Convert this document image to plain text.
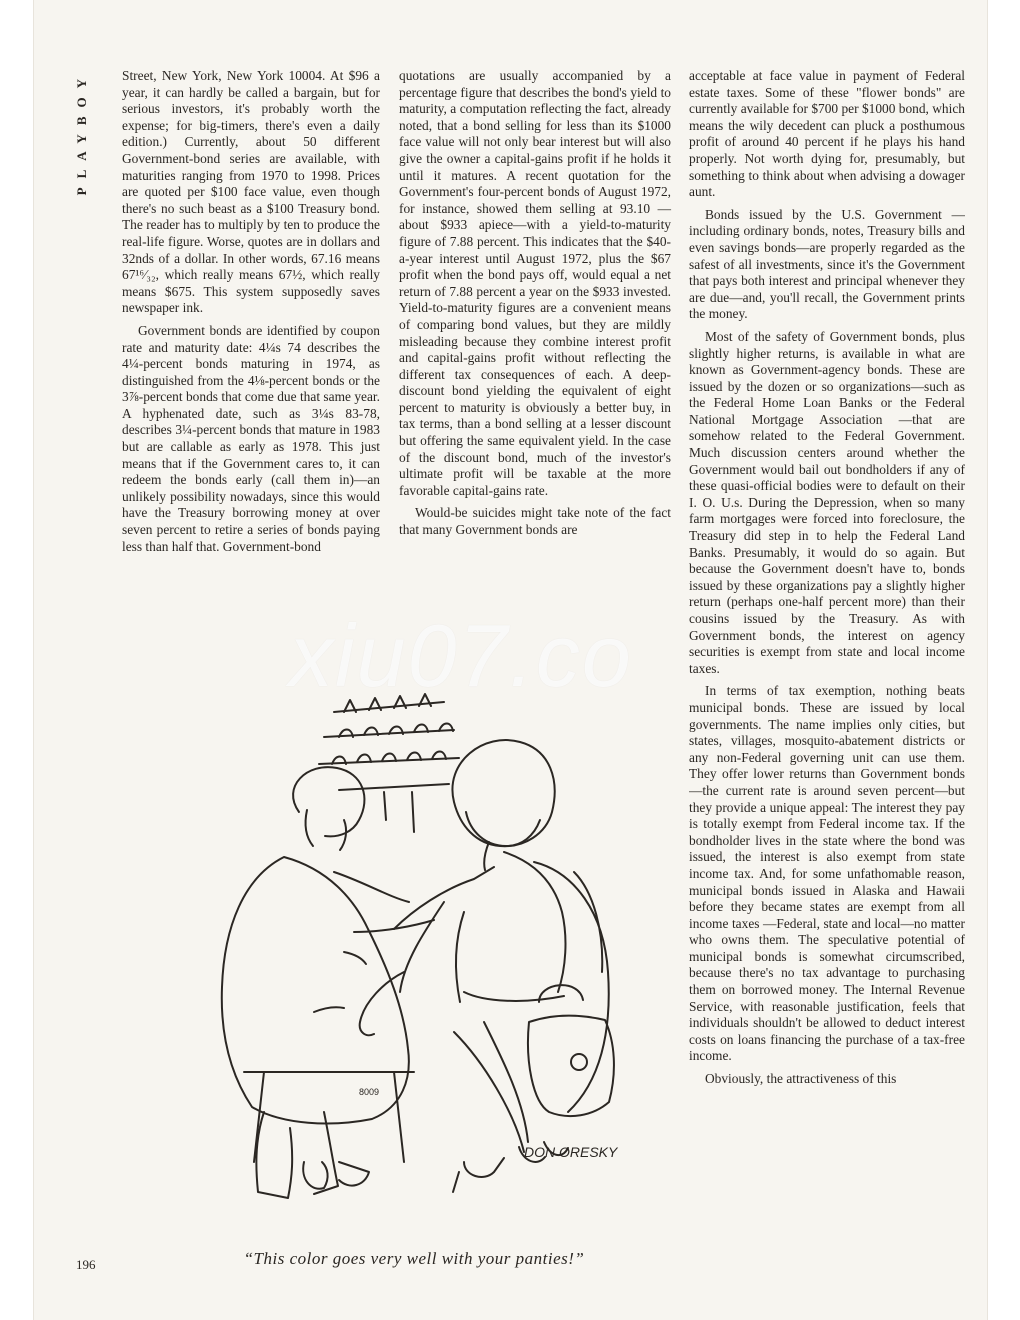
PLAYBOY Street, New York, New York 10004. At $96 a year, it can hardly be called a bargain, but for serious investors, it's probably worth the expense; for big-timers, there's even a daily edition.) Currently, about 50 different Government-bond series are available, with maturities ranging from 1970 to 1998. Prices are quoted per $100 face value, even though there's no such beast as a $100 Treasury bond. The reader has to multiply by ten to produce the real-life figure. Worse, quotes are in dollars and 32nds of a dollar. In other words, 67.16 means 67¹⁶⁄₃₂, which really means 67½, which really means $675. This system supposedly saves newspaper ink.

Government bonds are identified by coupon rate and maturity date: 4¼s 74 describes the 4¼-percent bonds maturing in 1974, as distinguished from the 4⅛-percent bonds or the 3⅞-percent bonds that come due that same year. A hyphenated date, such as 3¼s 83-78, describes 3¼-percent bonds that mature in 1983 but are callable as early as 1978. This just means that if the Government cares to, it can redeem the bonds early (call them in)—an unlikely possibility nowadays, since this would have the Treasury borrowing money at over seven percent to retire a series of bonds paying less than half that. Government-bond

quotations are usually accompanied by a percentage figure that describes the bond's yield to maturity, a computation reflecting the fact, already noted, that a bond selling for less than its $1000 face value will not only bear interest but will also give the owner a capital-gains profit if he holds it until it matures. A recent quotation for the Government's four-percent bonds of August 1972, for instance, showed them selling at 93.10 —about $933 apiece—with a yield-to-maturity figure of 7.88 percent. This indicates that the $40-a-year interest until August 1972, plus the $67 profit when the bond pays off, would equal a net return of 7.88 percent a year on the $933 invested. Yield-to-maturity figures are a convenient means of comparing bond values, but they are mildly misleading because they combine interest profit and capital-gains profit without reflecting the different tax consequences of each. A deep-discount bond yielding the equivalent of eight percent to maturity is obviously a better buy, in tax terms, than a bond selling at a lesser discount but offering the same equivalent yield. In the case of the discount bond, much of the investor's ultimate profit will be taxable at the more favorable capital-gains rate.

Would-be suicides might take note of the fact that many Government bonds are

acceptable at face value in payment of Federal estate taxes. Some of these "flower bonds" are currently available for $700 per $1000 bond, which means the wily decedent can pluck a posthumous profit of around 40 percent if he plays his hand properly. Not worth dying for, presumably, but something to think about when advising a dowager aunt.

Bonds issued by the U.S. Government —including ordinary bonds, notes, Treasury bills and even savings bonds—are properly regarded as the safest of all investments, since it's the Government that pays both interest and principal whenever they are due—and, you'll recall, the Government prints the money.

Most of the safety of Government bonds, plus slightly higher returns, is available in what are known as Government-agency bonds. These are issued by the dozen or so organizations—such as the Federal Home Loan Banks or the Federal National Mortgage Association —that are somehow related to the Federal Government. Much discussion centers around whether the Government would bail out bondholders if any of these quasi-official bodies were to default on their I. O. U.s. During the Depression, when so many farm mortgages were forced into foreclosure, the Treasury did step in to help the Federal Land Banks. Presumably, it would do so again. But because the Government doesn't have to, bonds issued by these organizations pay a slightly higher return (perhaps one-half percent more) than their cousins issued by the Treasury. As with Government bonds, the interest on agency securities is exempt from state and local income taxes.

In terms of tax exemption, nothing beats municipal bonds. These are issued by local governments. The name implies only cities, but states, villages, mosquito-abatement districts or any non-Federal governing unit can use them. They offer lower returns than Government bonds—the current rate is around seven percent—but they provide a unique appeal: The interest they pay is totally exempt from Federal income tax. If the bondholder lives in the state where the bond was issued, the interest is also exempt from state income tax. And, for some unfathomable reason, municipal bonds issued in Alaska and Hawaii before they became states are exempt from all income taxes —Federal, state and local—no matter who owns them. The speculative potential of municipal bonds is somewhat circumscribed, because there's no tax advantage to purchasing them on borrowed money. The Internal Revenue Service, with reasonable justification, feels that individuals shouldn't be allowed to deduct interest costs on loans financing the purchase of a tax-free income.

Obviously, the attractiveness of this

DON ORESKY
8009
“This color goes very well with your panties!”
196
xiu07.co
